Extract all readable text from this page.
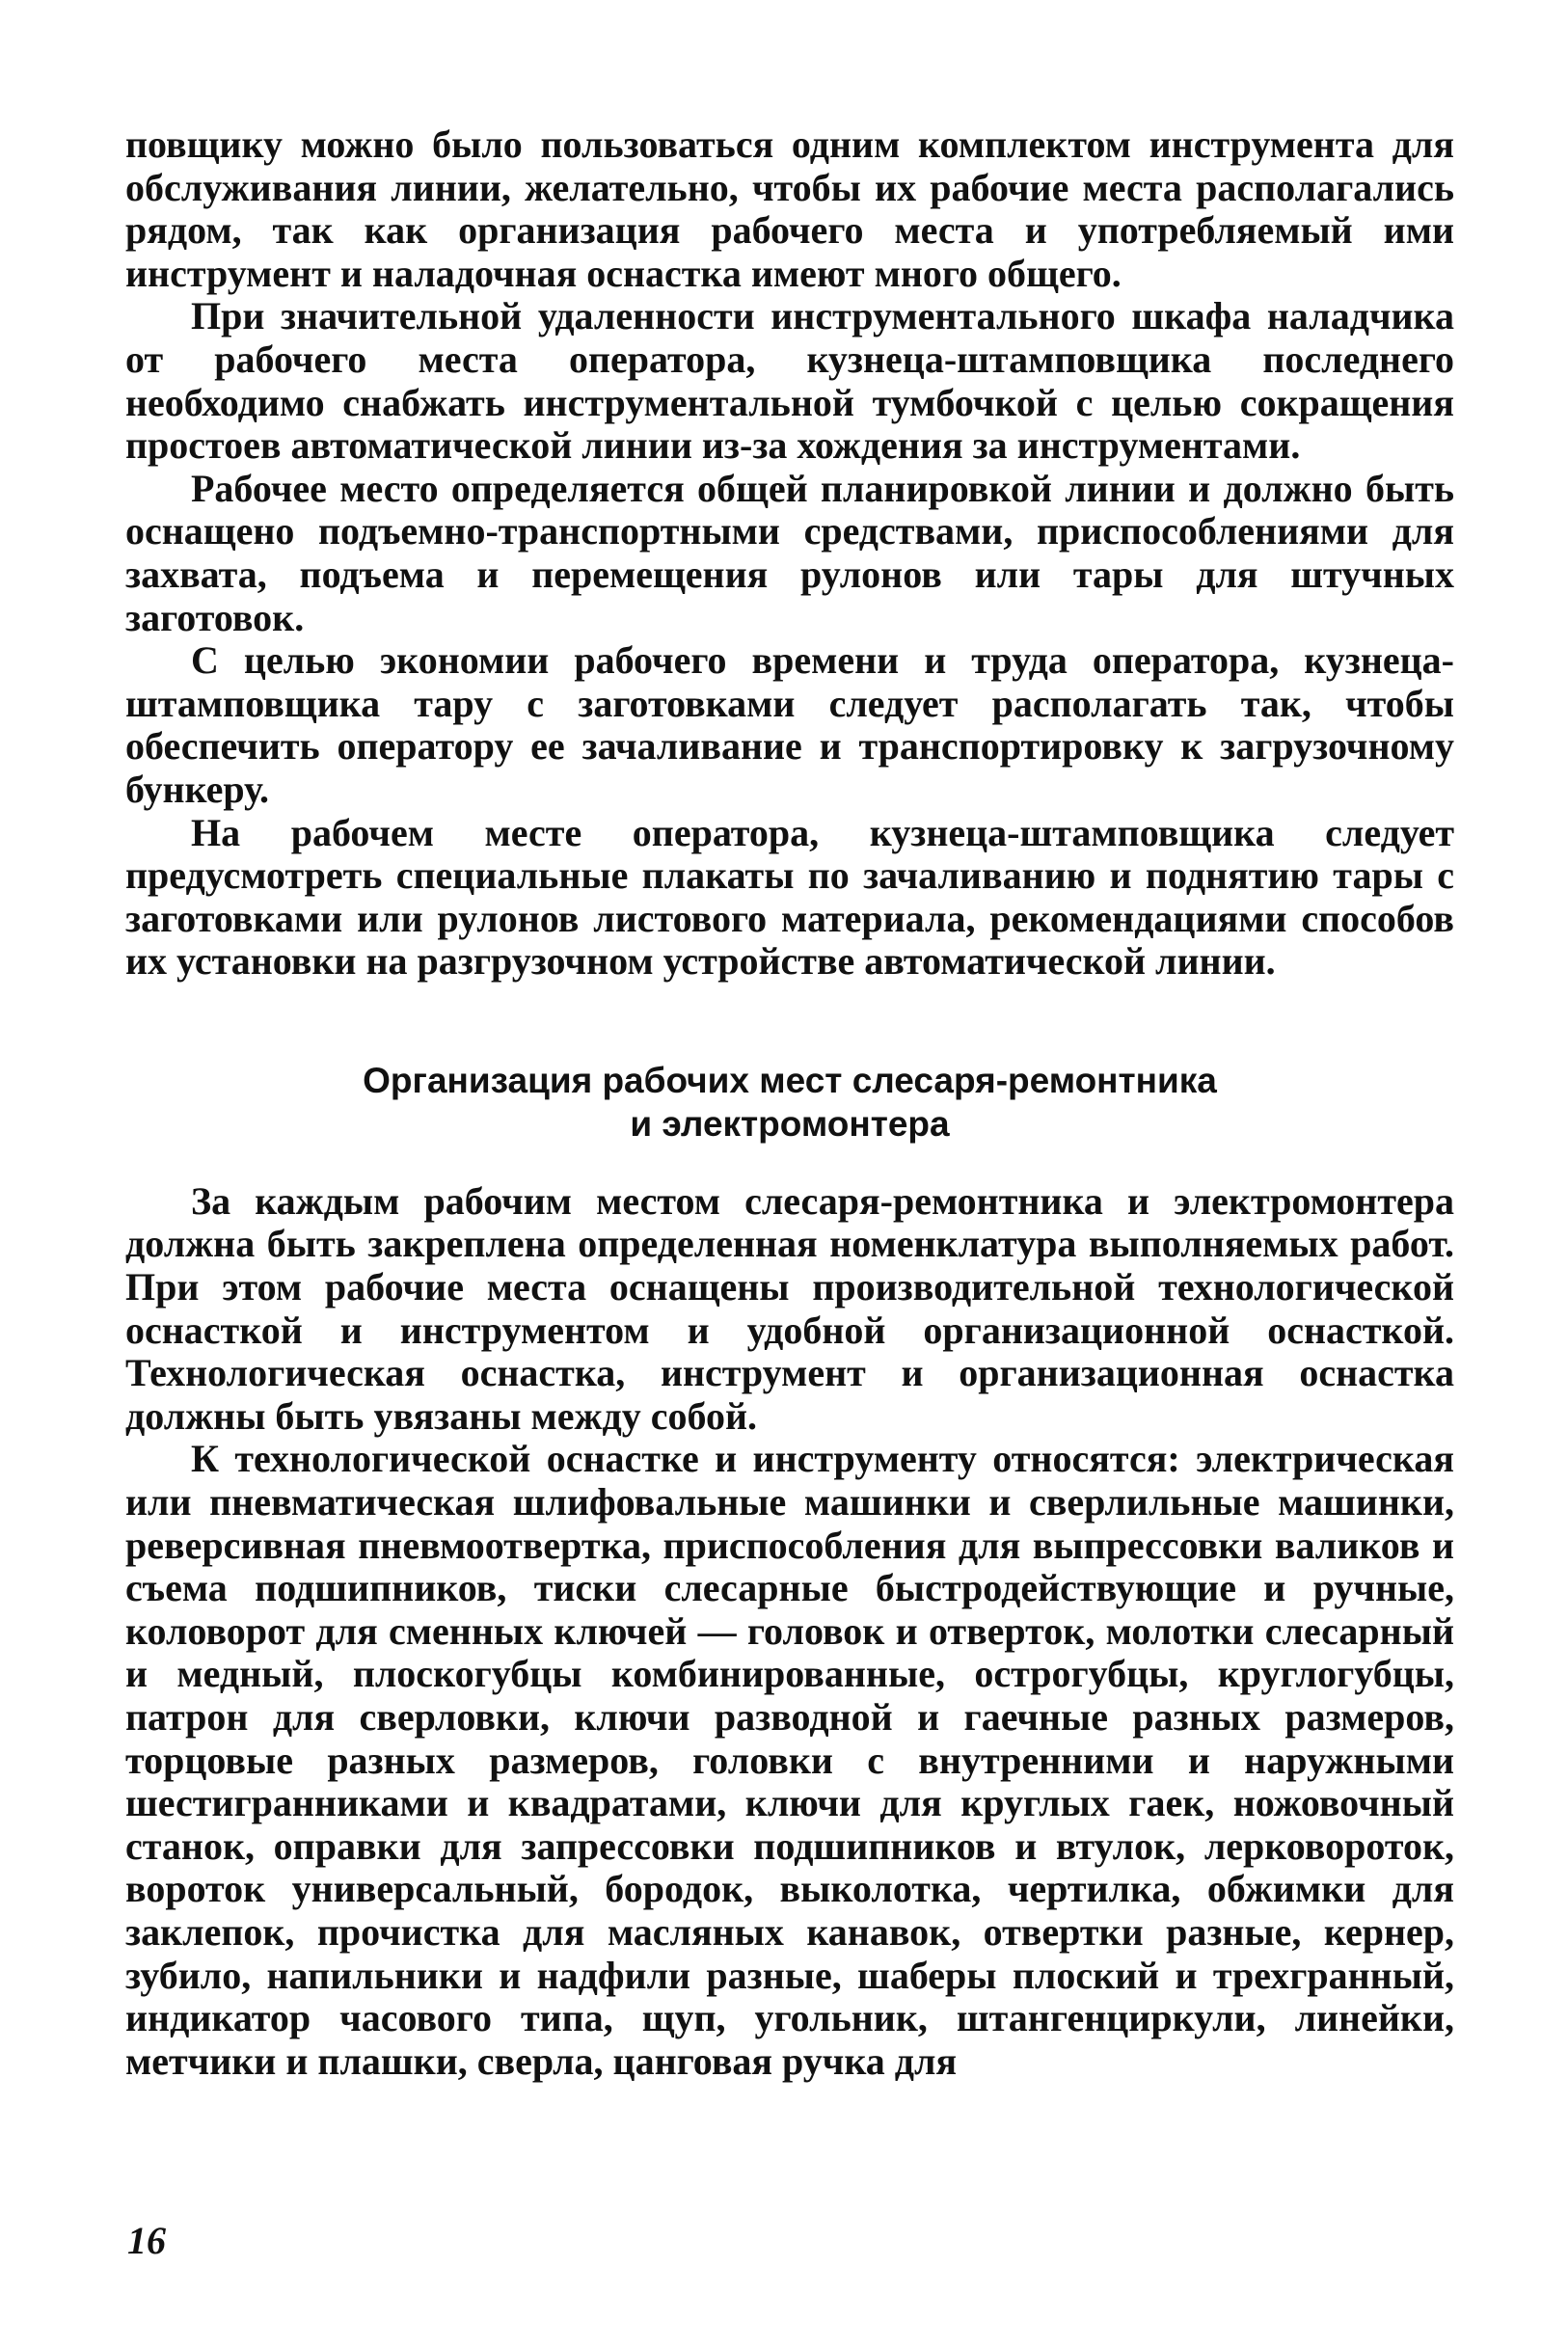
повщику можно было пользоваться одним комплектом инструмента для обслуживания линии, желательно, чтобы их рабочие места располагались рядом, так как организация рабочего места и употребляемый ими инструмент и наладочная оснастка имеют много общего.

При значительной удаленности инструментального шкафа наладчика от рабочего места оператора, кузнеца-штамповщика последнего необходимо снабжать инструментальной тумбочкой с целью сокращения простоев автоматической линии из-за хождения за инструментами.

Рабочее место определяется общей планировкой линии и должно быть оснащено подъемно-транспортными средствами, приспособлениями для захвата, подъема и перемещения рулонов или тары для штучных заготовок.

С целью экономии рабочего времени и труда оператора, кузнеца-штамповщика тару с заготовками следует располагать так, чтобы обеспечить оператору ее зачаливание и транспортировку к загрузочному бункеру.

На рабочем месте оператора, кузнеца-штамповщика следует предусмотреть специальные плакаты по зачаливанию и поднятию тары с заготовками или рулонов листового материала, рекомендациями способов их установки на разгрузочном устройстве автоматической линии.

Организация рабочих мест слесаря-ремонтника
и электромонтера

За каждым рабочим местом слесаря-ремонтника и электромонтера должна быть закреплена определенная номенклатура выполняемых работ. При этом рабочие места оснащены производительной технологической оснасткой и инструментом и удобной организационной оснасткой. Технологическая оснастка, инструмент и организационная оснастка должны быть увязаны между собой.

К технологической оснастке и инструменту относятся: электрическая или пневматическая шлифовальные машинки и сверлильные машинки, реверсивная пневмоотвертка, приспособления для выпрессовки валиков и съема подшипников, тиски слесарные быстродействующие и ручные, коловорот для сменных ключей — головок и отверток, молотки слесарный и медный, плоскогубцы комбинированные, острогубцы, круглогубцы, патрон для сверловки, ключи разводной и гаечные разных размеров, торцовые разных размеров, головки с внутренними и наружными шестигранниками и квадратами, ключи для круглых гаек, ножовочный станок, оправки для запрессовки подшипников и втулок, лерковороток, вороток универсальный, бородок, выколотка, чертилка, обжимки для заклепок, прочистка для масляных канавок, отвертки разные, кернер, зубило, напильники и надфили разные, шаберы плоский и трехгранный, индикатор часового типа, щуп, угольник, штангенциркули, линейки, метчики и плашки, сверла, цанговая ручка для

16
